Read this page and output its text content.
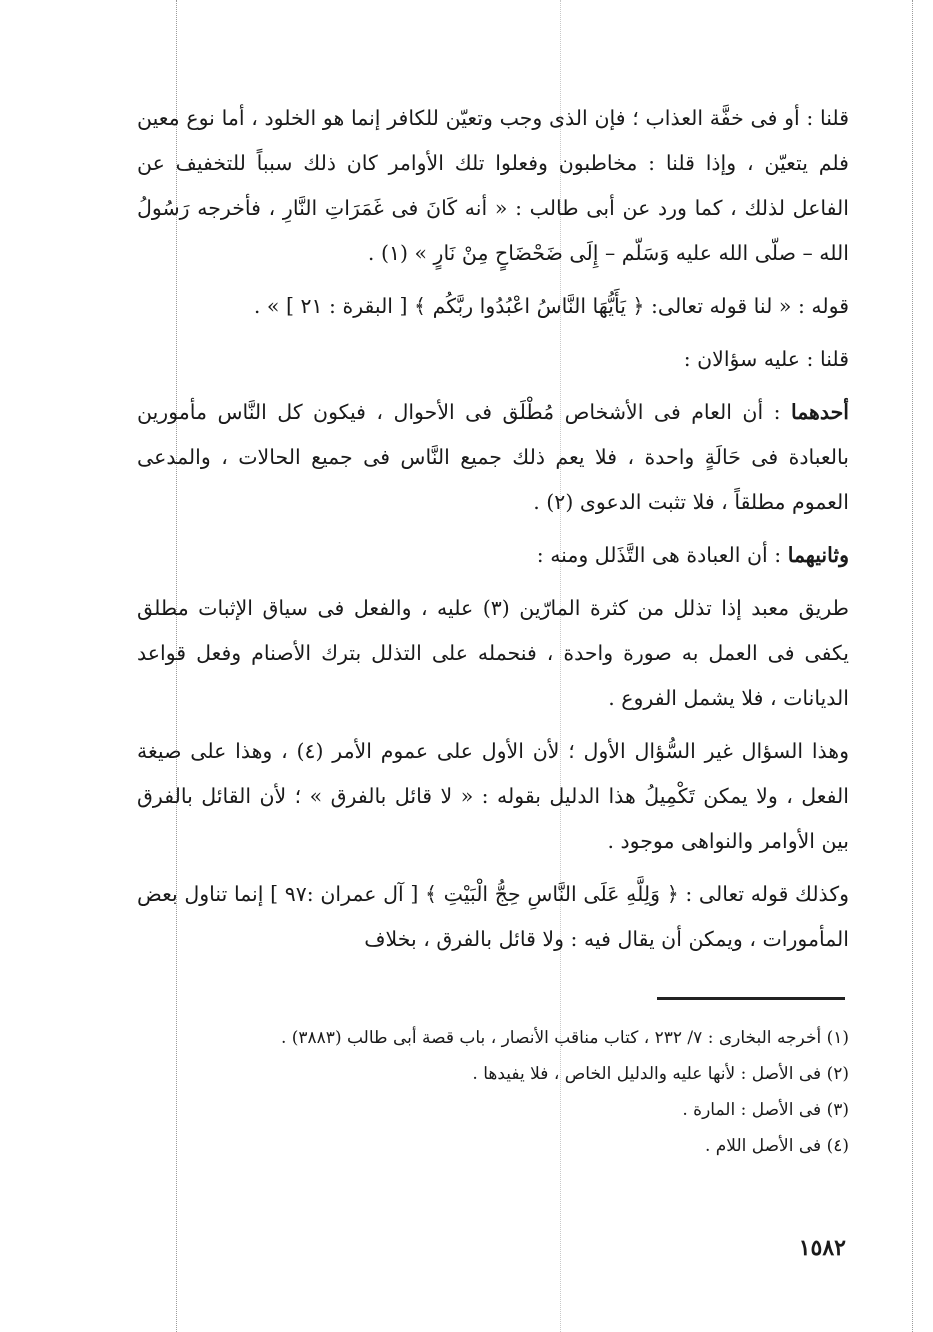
قلنا : أو فى خفَّة العذاب ؛ فإن الذى وجب وتعيّن للكافر إنما هو الخلود ، أما نوع معين فلم يتعيّن ، وإذا قلنا : مخاطبون وفعلوا تلك الأوامر كان ذلك سبباً للتخفيف عن الفاعل لذلك ، كما ورد عن أبى طالب : « أنه كَانَ فى غَمَرَاتِ النَّارِ ، فأخرجه رَسُولُ الله – صلّى الله عليه وَسَلّم – إِلَى ضَحْضَاحٍ مِنْ نَارٍ » (١) .

قوله : « لنا قوله تعالى: ﴿ يَأَيُّهَا النَّاسُ اعْبُدُوا ربَّكُم ﴾ [ البقرة : ٢١ ] » .

قلنا : عليه سؤالان :

أحدهما : أن العام فى الأشخاص مُطْلَق فى الأحوال ، فيكون كل النَّاس مأمورين بالعبادة فى حَالَةٍ واحدة ، فلا يعم ذلك جميع النَّاس فى جميع الحالات ، والمدعى العموم مطلقاً ، فلا تثبت الدعوى (٢) .

وثانيهما : أن العبادة هى التَّذَلل ومنه :

طريق معبد إذا تذلل من كثرة المارّين (٣) عليه ، والفعل فى سياق الإثبات مطلق يكفى فى العمل به صورة واحدة ، فنحمله على التذلل بترك الأصنام وفعل قواعد الديانات ، فلا يشمل الفروع .

وهذا السؤال غير السُّؤال الأول ؛ لأن الأول على عموم الأمر (٤) ، وهذا على صيغة الفعل ، ولا يمكن تَكْمِيلُ هذا الدليل بقوله : « لا قائل بالفرق » ؛ لأن القائل بالفرق بين الأوامر والنواهى موجود .

وكذلك قوله تعالى : ﴿ وَلِلَّهِ عَلَى النَّاسِ حِجُّ الْبَيْتِ ﴾ [ آل عمران :٩٧ ] إنما تناول بعض المأمورات ، ويمكن أن يقال فيه : ولا قائل بالفرق ، بخلاف

(١) أخرجه البخارى : ٧/ ٢٣٢ ، كتاب مناقب الأنصار ، باب قصة أبى طالب (٣٨٨٣) .

(٢) فى الأصل : لأنها عليه والدليل الخاص ، فلا يفيدها .

(٣) فى الأصل : المارة .

(٤) فى الأصل اللام .

١٥٨٢
